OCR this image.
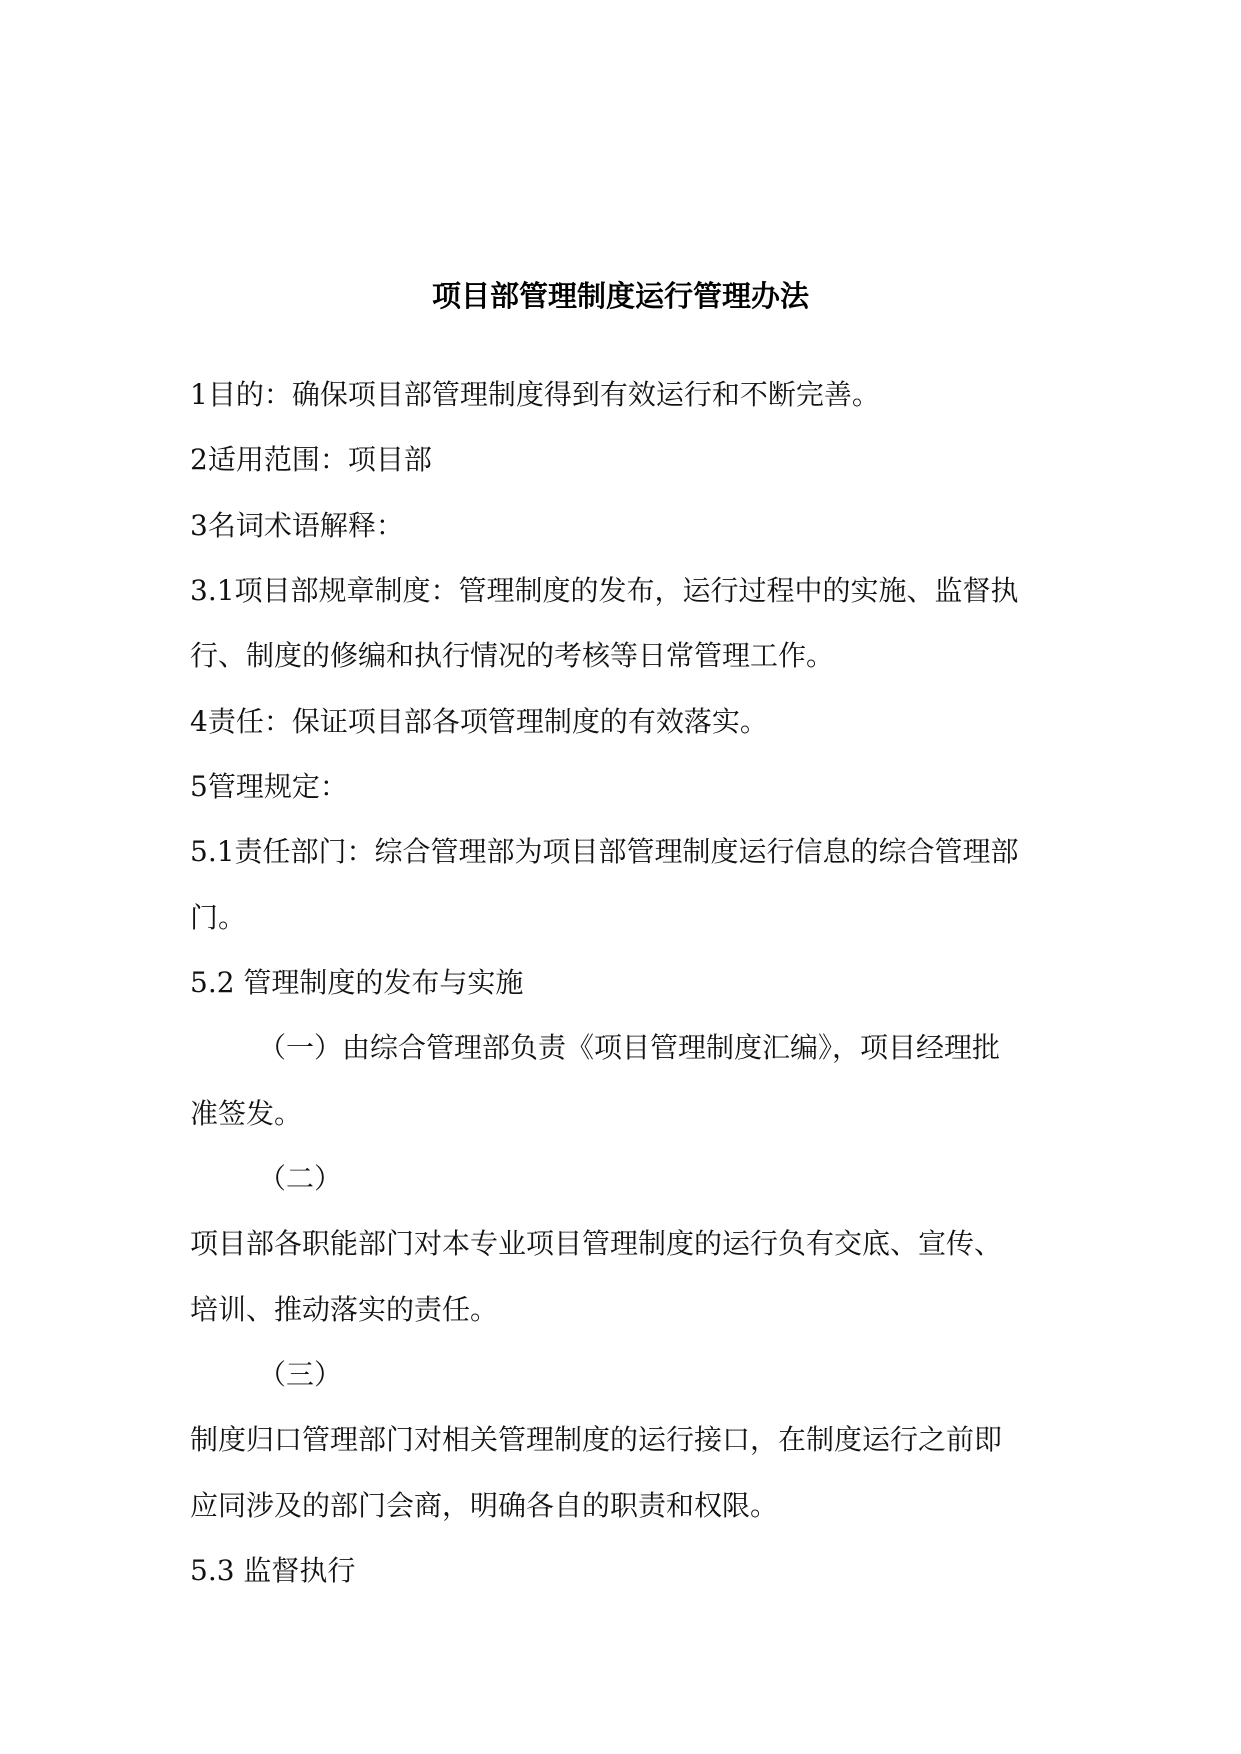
项目部管理制度运行管理办法
1目的：确保项目部管理制度得到有效运行和不断完善。
2适用范围：项目部
3名词术语解释：
3.1项目部规章制度：管理制度的发布，运行过程中的实施、监督执
行、制度的修编和执行情况的考核等日常管理工作。
4责任：保证项目部各项管理制度的有效落实。
5管理规定：
5.1责任部门：综合管理部为项目部管理制度运行信息的综合管理部
门。
5.2 管理制度的发布与实施
（一）由综合管理部负责《项目管理制度汇编》，项目经理批
准签发。
（二）
项目部各职能部门对本专业项目管理制度的运行负有交底、宣传、
培训、推动落实的责任。
（三）
制度归口管理部门对相关管理制度的运行接口，在制度运行之前即
应同涉及的部门会商，明确各自的职责和权限。
5.3 监督执行
